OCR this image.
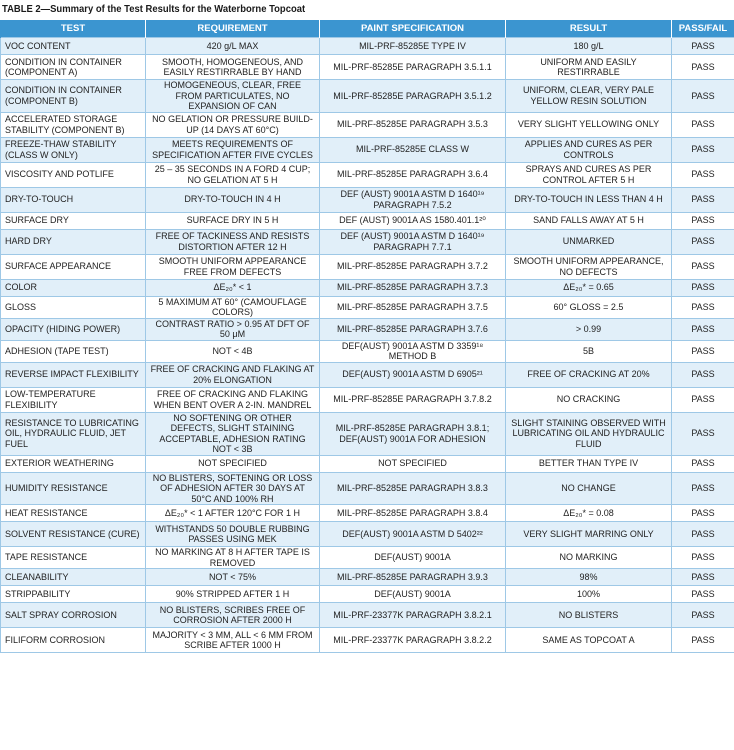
TABLE 2—Summary of the Test Results for the Waterborne Topcoat
TEST	REQUIREMENT	PAINT SPECIFICATION	RESULT	PASS/FAIL
VOC CONTENT	420 g/L MAX	MIL-PRF-85285E TYPE IV	180 g/L	PASS
CONDITION IN CONTAINER (COMPONENT A)	SMOOTH, HOMOGENEOUS, AND EASILY RESTIRRABLE BY HAND	MIL-PRF-85285E PARAGRAPH 3.5.1.1	UNIFORM AND EASILY RESTIRRABLE	PASS
CONDITION IN CONTAINER (COMPONENT B)	HOMOGENEOUS, CLEAR, FREE FROM PARTICULATES, NO EXPANSION OF CAN	MIL-PRF-85285E PARAGRAPH 3.5.1.2	UNIFORM, CLEAR, VERY PALE YELLOW RESIN SOLUTION	PASS
ACCELERATED STORAGE STABILITY (COMPONENT B)	NO GELATION OR PRESSURE BUILD-UP (14 DAYS AT 60°C)	MIL-PRF-85285E PARAGRAPH 3.5.3	VERY SLIGHT YELLOWING ONLY	PASS
FREEZE-THAW STABILITY (CLASS W ONLY)	MEETS REQUIREMENTS OF SPECIFICATION AFTER FIVE CYCLES	MIL-PRF-85285E CLASS W	APPLIES AND CURES AS PER CONTROLS	PASS
VISCOSITY AND POTLIFE	25 – 35 SECONDS IN A FORD 4 CUP; NO GELATION AT 5 H	MIL-PRF-85285E PARAGRAPH 3.6.4	SPRAYS AND CURES AS PER CONTROL AFTER 5 H	PASS
DRY-TO-TOUCH	DRY-TO-TOUCH IN 4 H	DEF (AUST) 9001A ASTM D 1640¹⁹ PARAGRAPH 7.5.2	DRY-TO-TOUCH IN LESS THAN 4 H	PASS
SURFACE DRY	SURFACE DRY IN 5 H	DEF (AUST) 9001A AS 1580.401.1²⁰	SAND FALLS AWAY AT 5 H	PASS
HARD DRY	FREE OF TACKINESS AND RESISTS DISTORTION AFTER 12 H	DEF (AUST) 9001A ASTM D 1640¹⁹ PARAGRAPH 7.7.1	UNMARKED	PASS
SURFACE APPEARANCE	SMOOTH UNIFORM APPEARANCE FREE FROM DEFECTS	MIL-PRF-85285E PARAGRAPH 3.7.2	SMOOTH UNIFORM APPEARANCE, NO DEFECTS	PASS
COLOR	ΔE₂₀* < 1	MIL-PRF-85285E PARAGRAPH 3.7.3	ΔE₂₀* = 0.65	PASS
GLOSS	5 MAXIMUM AT 60° (CAMOUFLAGE COLORS)	MIL-PRF-85285E PARAGRAPH 3.7.5	60° GLOSS = 2.5	PASS
OPACITY (HIDING POWER)	CONTRAST RATIO > 0.95 AT DFT OF 50 μM	MIL-PRF-85285E PARAGRAPH 3.7.6	> 0.99	PASS
ADHESION (TAPE TEST)	NOT < 4B	DEF(AUST) 9001A ASTM D 3359¹⁸ METHOD B	5B	PASS
REVERSE IMPACT FLEXIBILITY	FREE OF CRACKING AND FLAKING AT 20% ELONGATION	DEF(AUST) 9001A ASTM D 6905²¹	FREE OF CRACKING AT 20%	PASS
LOW-TEMPERATURE FLEXIBILITY	FREE OF CRACKING AND FLAKING WHEN BENT OVER A 2-IN. MANDREL	MIL-PRF-85285E PARAGRAPH 3.7.8.2	NO CRACKING	PASS
RESISTANCE TO LUBRICATING OIL, HYDRAULIC FLUID, JET FUEL	NO SOFTENING OR OTHER DEFECTS, SLIGHT STAINING ACCEPTABLE, ADHESION RATING NOT < 3B	MIL-PRF-85285E PARAGRAPH 3.8.1; DEF(AUST) 9001A FOR ADHESION	SLIGHT STAINING OBSERVED WITH LUBRICATING OIL AND HYDRAULIC FLUID	PASS
EXTERIOR WEATHERING	NOT SPECIFIED	NOT SPECIFIED	BETTER THAN TYPE IV	PASS
HUMIDITY RESISTANCE	NO BLISTERS, SOFTENING OR LOSS OF ADHESION AFTER 30 DAYS AT 50°C AND 100% RH	MIL-PRF-85285E PARAGRAPH 3.8.3	NO CHANGE	PASS
HEAT RESISTANCE	ΔE₂₀* < 1 AFTER 120°C FOR 1 H	MIL-PRF-85285E PARAGRAPH 3.8.4	ΔE₂₀* = 0.08	PASS
SOLVENT RESISTANCE (CURE)	WITHSTANDS 50 DOUBLE RUBBING PASSES USING MEK	DEF(AUST) 9001A ASTM D 5402²²	VERY SLIGHT MARRING ONLY	PASS
TAPE RESISTANCE	NO MARKING AT 8 H AFTER TAPE IS REMOVED	DEF(AUST) 9001A	NO MARKING	PASS
CLEANABILITY	NOT < 75%	MIL-PRF-85285E PARAGRAPH 3.9.3	98%	PASS
STRIPPABILITY	90% STRIPPED AFTER 1 H	DEF(AUST) 9001A	100%	PASS
SALT SPRAY CORROSION	NO BLISTERS, SCRIBES FREE OF CORROSION AFTER 2000 H	MIL-PRF-23377K PARAGRAPH 3.8.2.1	NO BLISTERS	PASS
FILIFORM CORROSION	MAJORITY < 3 MM, ALL < 6 MM FROM SCRIBE AFTER 1000 H	MIL-PRF-23377K PARAGRAPH 3.8.2.2	SAME AS TOPCOAT A	PASS
